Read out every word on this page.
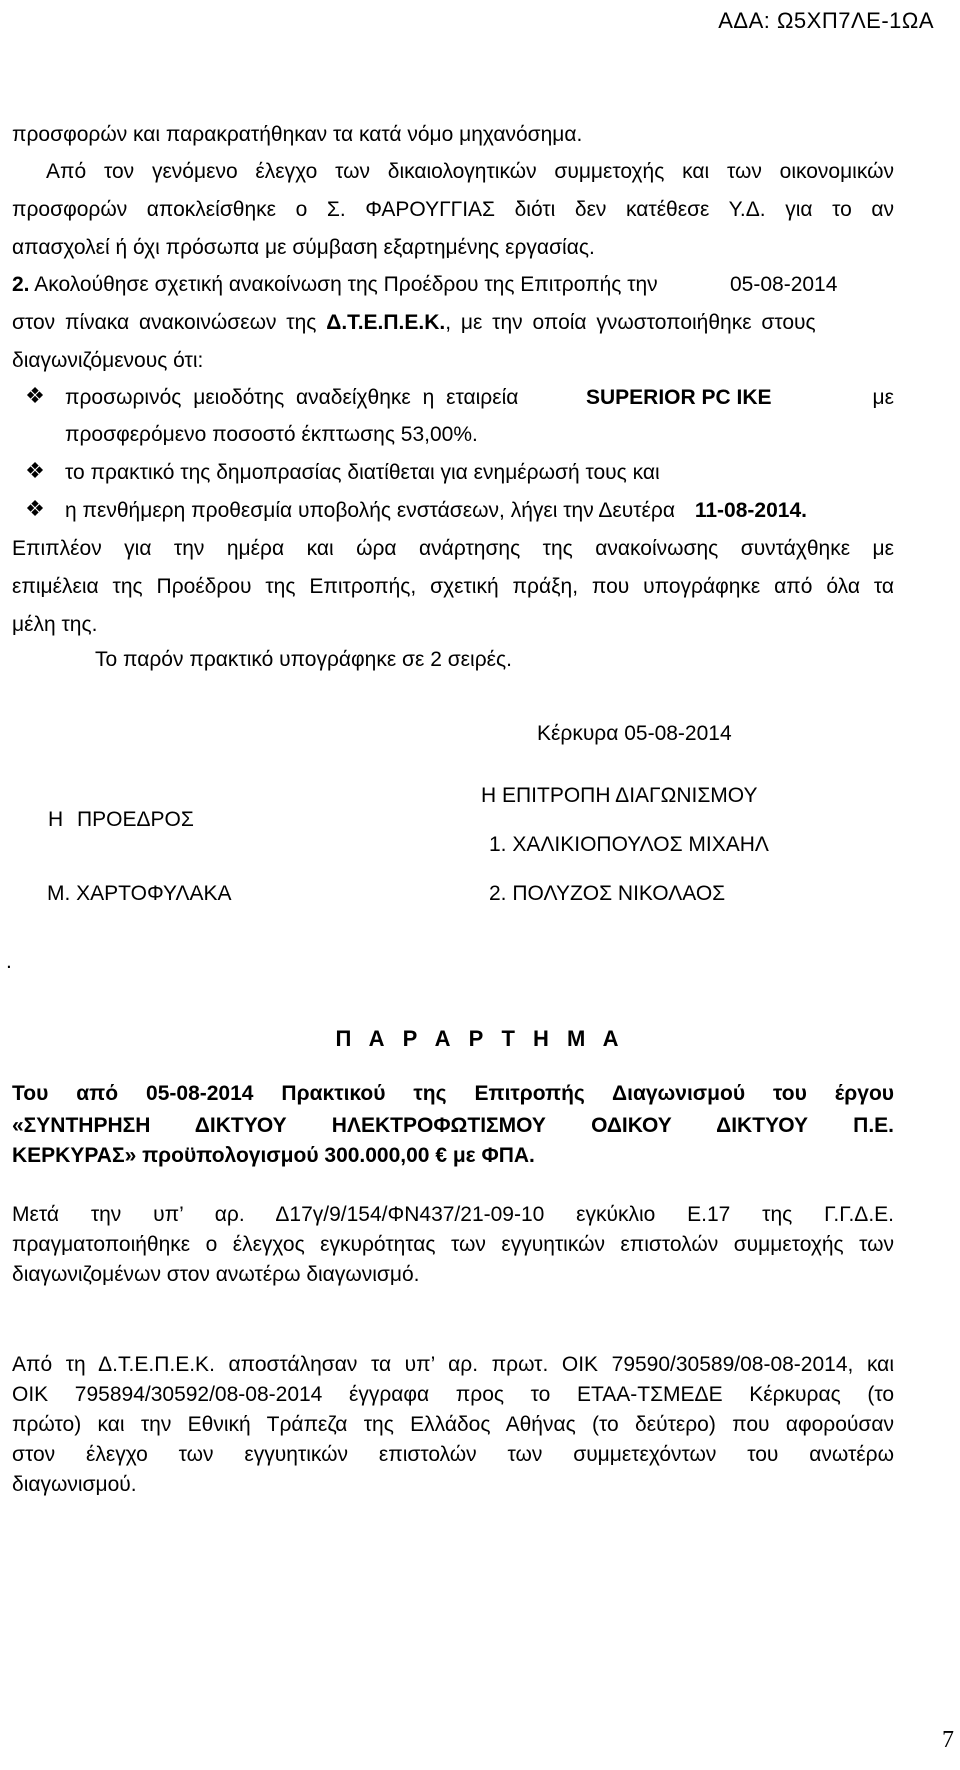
ΑΔΑ: Ω5ΧΠ7ΛΕ-1ΩΑ
προσφορών και παρακρατήθηκαν τα κατά νόμο μηχανόσημα.
Από τον γενόμενο έλεγχο των δικαιολογητικών συμμετοχής και των οικονομικών
προσφορών αποκλείσθηκε ο Σ. ΦΑΡΟΥΓΓΙΑΣ διότι δεν κατέθεσε Υ.Δ. για το αν
απασχολεί ή όχι πρόσωπα με σύμβαση εξαρτημένης εργασίας.
2. Ακολούθησε σχετική ανακοίνωση της Προέδρου της Επιτροπής την	05-08-2014
στον πίνακα ανακοινώσεων της Δ.Τ.Ε.Π.Ε.Κ., με την οποία γνωστοποιήθηκε στους
διαγωνιζόμενους ότι:
❖ προσωρινός μειοδότης αναδείχθηκε η εταιρεία	SUPERIOR PC ΙΚΕ	με
προσφερόμενο ποσοστό έκπτωσης 53,00%.
❖ το πρακτικό της δημοπρασίας διατίθεται για ενημέρωσή τους και
❖ η πενθήμερη προθεσμία υποβολής ενστάσεων, λήγει την Δευτέρα 11-08-2014.
Επιπλέον για την ημέρα και ώρα ανάρτησης της ανακοίνωσης συντάχθηκε με
επιμέλεια της Προέδρου της Επιτροπής, σχετική πράξη, που υπογράφηκε από όλα τα
μέλη της.
Το παρόν πρακτικό υπογράφηκε σε 2 σειρές.
Κέρκυρα 05-08-2014
Η ΕΠΙΤΡΟΠΗ ΔΙΑΓΩΝΙΣΜΟΥ
Η ΠΡΟΕΔΡΟΣ
1. ΧΑΛΙΚΙΟΠΟΥΛΟΣ ΜΙΧΑΗΛ
Μ. ΧΑΡΤΟΦΥΛΑΚΑ	2. ΠΟΛΥΖΟΣ ΝΙΚΟΛΑΟΣ
.
Π Α Ρ Α Ρ Τ Η Μ Α
Του από 05-08-2014 Πρακτικού της Επιτροπής Διαγωνισμού του έργου
«ΣΥΝΤΗΡΗΣΗ ΔΙΚΤΥΟΥ ΗΛΕΚΤΡΟΦΩΤΙΣΜΟΥ ΟΔΙΚΟΥ ΔΙΚΤΥΟΥ Π.Ε.
ΚΕΡΚΥΡΑΣ» προϋπολογισμού 300.000,00 € με ΦΠΑ.
Μετά την υπ’ αρ. Δ17γ/9/154/ΦΝ437/21-09-10 εγκύκλιο Ε.17 της Γ.Γ.Δ.Ε.
πραγματοποιήθηκε ο έλεγχος εγκυρότητας των εγγυητικών επιστολών συμμετοχής των
διαγωνιζομένων στον ανωτέρω διαγωνισμό.
Από τη Δ.Τ.Ε.Π.Ε.Κ. αποστάλησαν τα υπ’ αρ. πρωτ. ΟΙΚ 79590/30589/08-08-2014, και
ΟΙΚ 795894/30592/08-08-2014 έγγραφα προς το ΕΤΑΑ-ΤΣΜΕΔΕ Κέρκυρας (το
πρώτο) και την Εθνική Τράπεζα της Ελλάδος Αθήνας (το δεύτερο) που αφορούσαν
στον έλεγχο των εγγυητικών επιστολών των συμμετεχόντων του ανωτέρω
διαγωνισμού.
7
